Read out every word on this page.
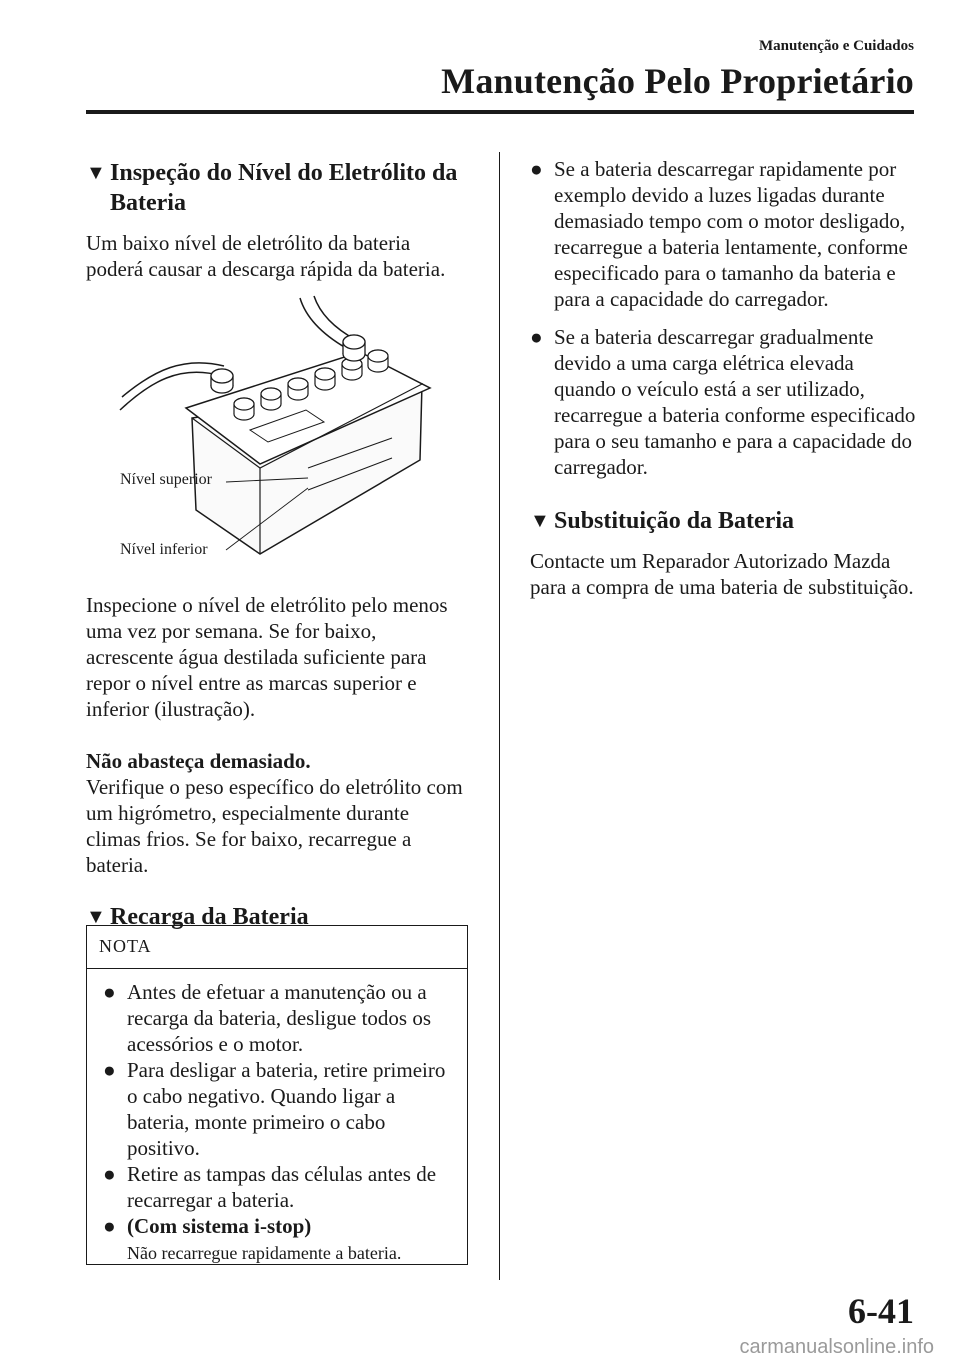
Manutenção e Cuidados
Manutenção Pelo Proprietário
▼ Inspeção do Nível do Eletrólito da Bateria

Um baixo nível de eletrólito da bateria poderá causar a descarga rápida da bateria.

Nível superior
Nível inferior

Inspecione o nível de eletrólito pelo menos uma vez por semana. Se for baixo, acrescente água destilada suficiente para repor o nível entre as marcas superior e inferior (ilustração).

Não abasteça demasiado.

Verifique o peso específico do eletrólito com um higrómetro, especialmente durante climas frios. Se for baixo, recarregue a bateria.

▼ Recarga da Bateria
NOTA
● Antes de efetuar a manutenção ou a recarga da bateria, desligue todos os acessórios e o motor.
● Para desligar a bateria, retire primeiro o cabo negativo. Quando ligar a bateria, monte primeiro o cabo positivo.
● Retire as tampas das células antes de recarregar a bateria.
● (Com sistema i-stop)
Não recarregue rapidamente a bateria.
● Se a bateria descarregar rapidamente por exemplo devido a luzes ligadas durante demasiado tempo com o motor desligado, recarregue a bateria lentamente, conforme especificado para o tamanho da bateria e para a capacidade do carregador.
● Se a bateria descarregar gradualmente devido a uma carga elétrica elevada quando o veículo está a ser utilizado, recarregue a bateria conforme especificado para o seu tamanho e para a capacidade do carregador.
▼ Substituição da Bateria

Contacte um Reparador Autorizado Mazda para a compra de uma bateria de substituição.

6-41
carmanualsonline.info
